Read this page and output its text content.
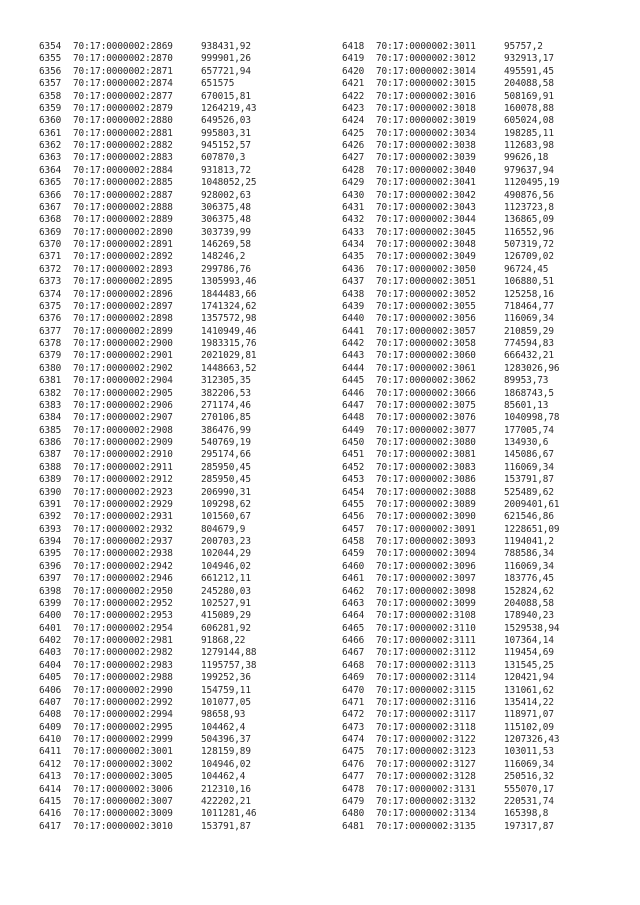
6354	70:17:0000002:2869	938431,92
6355	70:17:0000002:2870	999901,26
6356	70:17:0000002:2871	657721,94
6357	70:17:0000002:2874	651575
6358	70:17:0000002:2877	670015,81
6359	70:17:0000002:2879	1264219,43
6360	70:17:0000002:2880	649526,03
6361	70:17:0000002:2881	995803,31
6362	70:17:0000002:2882	945152,57
6363	70:17:0000002:2883	607870,3
6364	70:17:0000002:2884	931813,72
6365	70:17:0000002:2885	1048052,25
6366	70:17:0000002:2887	928002,63
6367	70:17:0000002:2888	306375,48
6368	70:17:0000002:2889	306375,48
6369	70:17:0000002:2890	303739,99
6370	70:17:0000002:2891	146269,58
6371	70:17:0000002:2892	148246,2
6372	70:17:0000002:2893	299786,76
6373	70:17:0000002:2895	1305993,46
6374	70:17:0000002:2896	1844483,66
6375	70:17:0000002:2897	1741324,62
6376	70:17:0000002:2898	1357572,98
6377	70:17:0000002:2899	1410949,46
6378	70:17:0000002:2900	1983315,76
6379	70:17:0000002:2901	2021029,81
6380	70:17:0000002:2902	1448663,52
6381	70:17:0000002:2904	312305,35
6382	70:17:0000002:2905	382206,53
6383	70:17:0000002:2906	271174,46
6384	70:17:0000002:2907	270106,85
6385	70:17:0000002:2908	386476,99
6386	70:17:0000002:2909	540769,19
6387	70:17:0000002:2910	295174,66
6388	70:17:0000002:2911	285950,45
6389	70:17:0000002:2912	285950,45
6390	70:17:0000002:2923	206990,31
6391	70:17:0000002:2929	109298,62
6392	70:17:0000002:2931	101560,67
6393	70:17:0000002:2932	804679,9
6394	70:17:0000002:2937	200703,23
6395	70:17:0000002:2938	102044,29
6396	70:17:0000002:2942	104946,02
6397	70:17:0000002:2946	661212,11
6398	70:17:0000002:2950	245280,03
6399	70:17:0000002:2952	102527,91
6400	70:17:0000002:2953	415089,29
6401	70:17:0000002:2954	606281,92
6402	70:17:0000002:2981	91868,22
6403	70:17:0000002:2982	1279144,88
6404	70:17:0000002:2983	1195757,38
6405	70:17:0000002:2988	199252,36
6406	70:17:0000002:2990	154759,11
6407	70:17:0000002:2992	101077,05
6408	70:17:0000002:2994	98658,93
6409	70:17:0000002:2995	104462,4
6410	70:17:0000002:2999	504396,37
6411	70:17:0000002:3001	128159,89
6412	70:17:0000002:3002	104946,02
6413	70:17:0000002:3005	104462,4
6414	70:17:0000002:3006	212310,16
6415	70:17:0000002:3007	422202,21
6416	70:17:0000002:3009	1011281,46
6417	70:17:0000002:3010	153791,87
6418	70:17:0000002:3011	95757,2
6419	70:17:0000002:3012	932913,17
6420	70:17:0000002:3014	495591,45
6421	70:17:0000002:3015	204088,58
6422	70:17:0000002:3016	508169,91
6423	70:17:0000002:3018	160078,88
6424	70:17:0000002:3019	605024,08
6425	70:17:0000002:3034	198285,11
6426	70:17:0000002:3038	112683,98
6427	70:17:0000002:3039	99626,18
6428	70:17:0000002:3040	979637,94
6429	70:17:0000002:3041	1120495,19
6430	70:17:0000002:3042	490876,56
6431	70:17:0000002:3043	1123723,8
6432	70:17:0000002:3044	136865,09
6433	70:17:0000002:3045	116552,96
6434	70:17:0000002:3048	507319,72
6435	70:17:0000002:3049	126709,02
6436	70:17:0000002:3050	96724,45
6437	70:17:0000002:3051	106880,51
6438	70:17:0000002:3052	125258,16
6439	70:17:0000002:3055	718464,77
6440	70:17:0000002:3056	116069,34
6441	70:17:0000002:3057	210859,29
6442	70:17:0000002:3058	774594,83
6443	70:17:0000002:3060	666432,21
6444	70:17:0000002:3061	1283026,96
6445	70:17:0000002:3062	89953,73
6446	70:17:0000002:3066	1868743,5
6447	70:17:0000002:3075	85601,13
6448	70:17:0000002:3076	1040998,78
6449	70:17:0000002:3077	177005,74
6450	70:17:0000002:3080	134930,6
6451	70:17:0000002:3081	145086,67
6452	70:17:0000002:3083	116069,34
6453	70:17:0000002:3086	153791,87
6454	70:17:0000002:3088	525489,62
6455	70:17:0000002:3089	2009401,61
6456	70:17:0000002:3090	621546,86
6457	70:17:0000002:3091	1228651,09
6458	70:17:0000002:3093	1194041,2
6459	70:17:0000002:3094	788586,34
6460	70:17:0000002:3096	116069,34
6461	70:17:0000002:3097	183776,45
6462	70:17:0000002:3098	152824,62
6463	70:17:0000002:3099	204088,58
6464	70:17:0000002:3108	178940,23
6465	70:17:0000002:3110	1529538,94
6466	70:17:0000002:3111	107364,14
6467	70:17:0000002:3112	119454,69
6468	70:17:0000002:3113	131545,25
6469	70:17:0000002:3114	120421,94
6470	70:17:0000002:3115	131061,62
6471	70:17:0000002:3116	135414,22
6472	70:17:0000002:3117	118971,07
6473	70:17:0000002:3118	115102,09
6474	70:17:0000002:3122	1207326,43
6475	70:17:0000002:3123	103011,53
6476	70:17:0000002:3127	116069,34
6477	70:17:0000002:3128	250516,32
6478	70:17:0000002:3131	555070,17
6479	70:17:0000002:3132	220531,74
6480	70:17:0000002:3134	165398,8
6481	70:17:0000002:3135	197317,87
